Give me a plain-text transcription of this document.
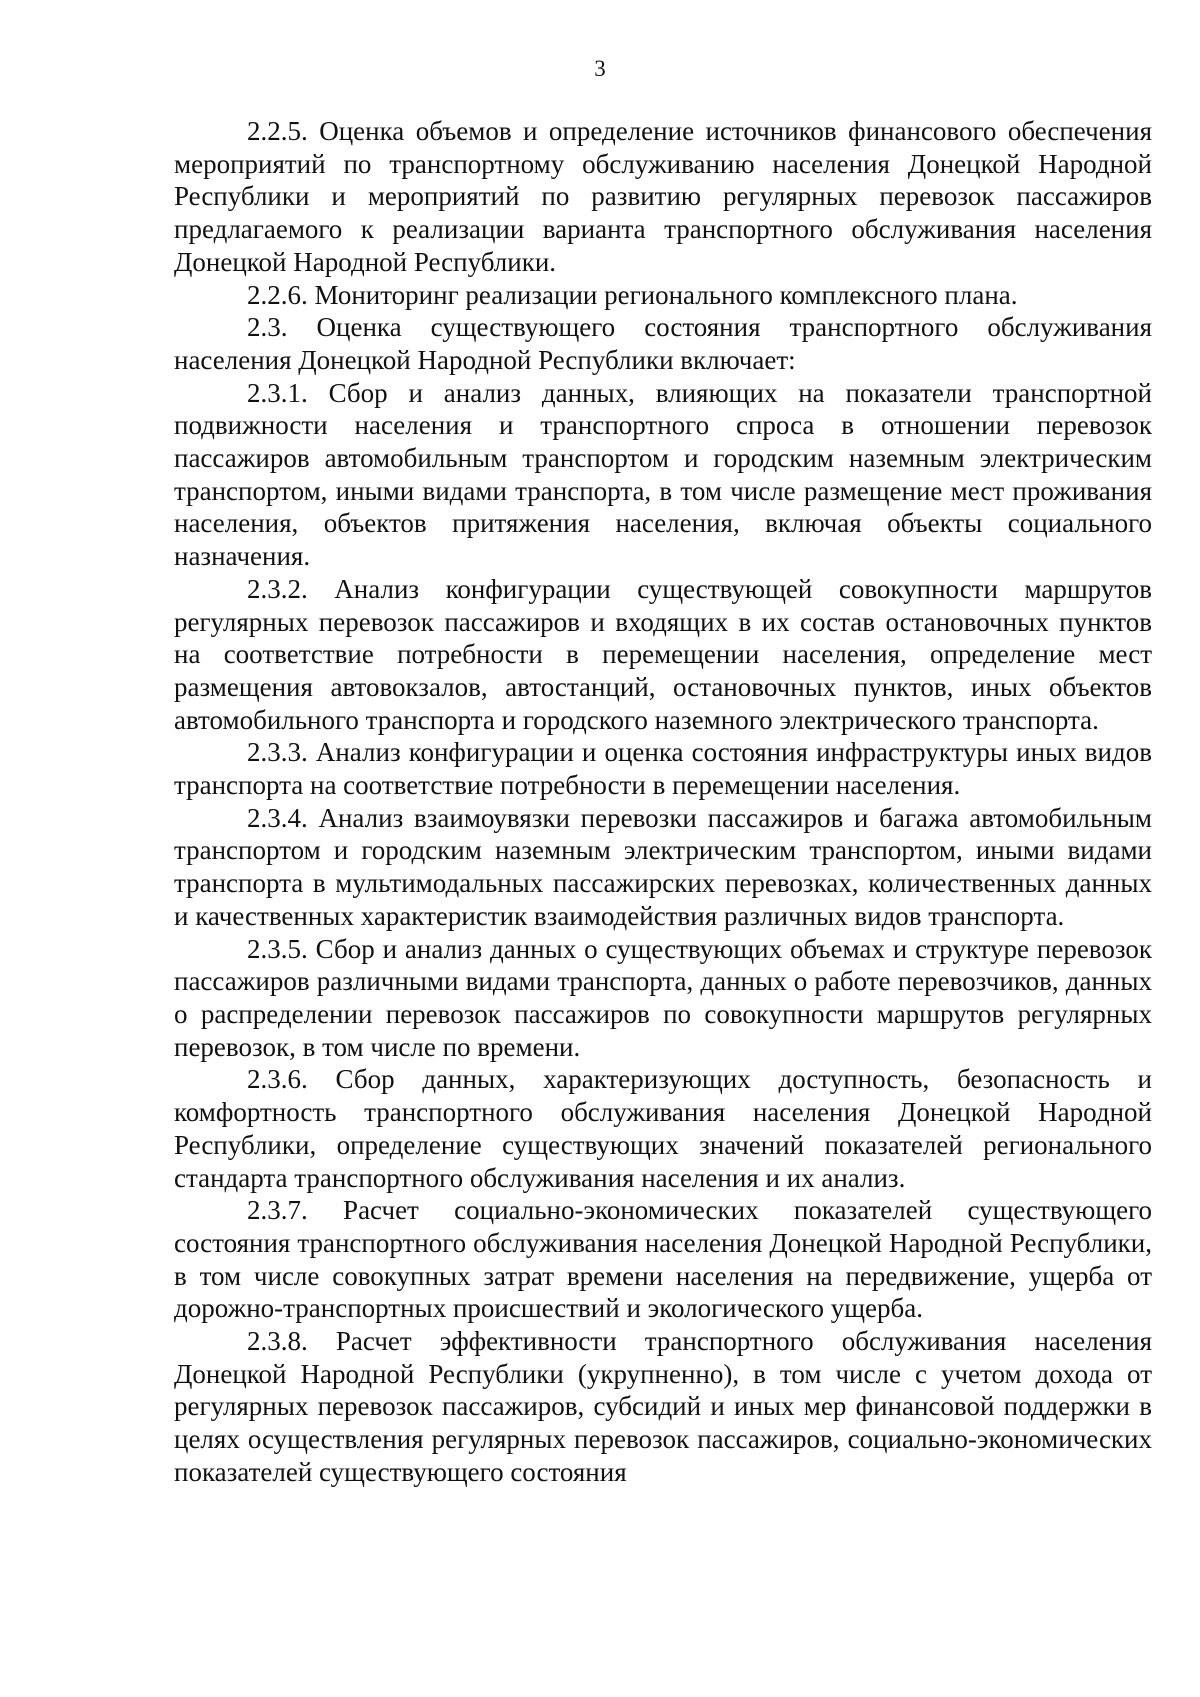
3

2.2.5. Оценка объемов и определение источников финансового обеспечения мероприятий по транспортному обслуживанию населения Донецкой Народной Республики и мероприятий по развитию регулярных перевозок пассажиров предлагаемого к реализации варианта транспортного обслуживания населения Донецкой Народной Республики.

2.2.6. Мониторинг реализации регионального комплексного плана.

2.3. Оценка существующего состояния транспортного обслуживания населения Донецкой Народной Республики включает:

2.3.1. Сбор и анализ данных, влияющих на показатели транспортной подвижности населения и транспортного спроса в отношении перевозок пассажиров автомобильным транспортом и городским наземным электрическим транспортом, иными видами транспорта, в том числе размещение мест проживания населения, объектов притяжения населения, включая объекты социального назначения.

2.3.2. Анализ конфигурации существующей совокупности маршрутов регулярных перевозок пассажиров и входящих в их состав остановочных пунктов на соответствие потребности в перемещении населения, определение мест размещения автовокзалов, автостанций, остановочных пунктов, иных объектов автомобильного транспорта и городского наземного электрического транспорта.

2.3.3. Анализ конфигурации и оценка состояния инфраструктуры иных видов транспорта на соответствие потребности в перемещении населения.

2.3.4. Анализ взаимоувязки перевозки пассажиров и багажа автомобильным транспортом и городским наземным электрическим транспортом, иными видами транспорта в мультимодальных пассажирских перевозках, количественных данных и качественных характеристик взаимодействия различных видов транспорта.

2.3.5. Сбор и анализ данных о существующих объемах и структуре перевозок пассажиров различными видами транспорта, данных о работе перевозчиков, данных о распределении перевозок пассажиров по совокупности маршрутов регулярных перевозок, в том числе по времени.

2.3.6. Сбор данных, характеризующих доступность, безопасность и комфортность транспортного обслуживания населения Донецкой Народной Республики, определение существующих значений показателей регионального стандарта транспортного обслуживания населения и их анализ.

2.3.7. Расчет социально-экономических показателей существующего состояния транспортного обслуживания населения Донецкой Народной Республики, в том числе совокупных затрат времени населения на передвижение, ущерба от дорожно-транспортных происшествий и экологического ущерба.

2.3.8. Расчет эффективности транспортного обслуживания населения Донецкой Народной Республики (укрупненно), в том числе с учетом дохода от регулярных перевозок пассажиров, субсидий и иных мер финансовой поддержки в целях осуществления регулярных перевозок пассажиров, социально-экономических показателей существующего состояния
